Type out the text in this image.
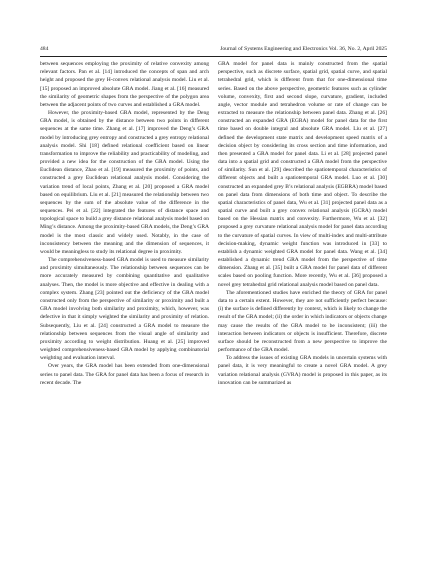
484	Journal of Systems Engineering and Electronics Vol. 36, No. 2, April 2025

between sequences employing the proximity of relative convexity among relevant factors. Pan et al. [14] introduced the concepts of span and arch height and proposed the grey H-convex relational analysis model. Liu et al. [15] proposed an improved absolute GRA model. Jiang et al. [16] measured the similarity of geometric shapes from the perspective of the polygon area between the adjacent points of two curves and established a GRA model.

However, the proximity-based GRA model, represented by the Deng GRA model, is obtained by the distance between two points in different sequences at the same time. Zhang et al. [17] improved the Deng’s GRA model by introducing grey entropy and constructed a grey entropy relational analysis model. Shi [18] defined relational coefficient based on linear transformation to improve the reliability and practicability of modeling, and provided a new idea for the construction of the GRA model. Using the Euclidean distance, Zhao et al. [19] measured the proximity of points, and constructed a grey Euclidean relational analysis model. Considering the variation trend of local points, Zhang et al. [20] proposed a GRA model based on equilibrium. Liu et al. [21] measured the relationship between two sequences by the sum of the absolute value of the difference in the sequences. Pei et al. [22] integrated the features of distance space and topological space to build a grey distance relational analysis model based on Ming’s distance. Among the proximity-based GRA models, the Deng’s GRA model is the most classic and widely used. Notably, in the case of inconsistency between the meaning and the dimension of sequences, it would be meaningless to study its relational degree in proximity.

The comprehensiveness-based GRA model is used to measure similarity and proximity simultaneously. The relationship between sequences can be more accurately measured by combining quantitative and qualitative analyses. Then, the model is more objective and effective in dealing with a complex system. Zhang [23] pointed out the deficiency of the GRA model constructed only from the perspective of similarity or proximity and built a GRA model involving both similarity and proximity, which, however, was defective in that it simply weighted the similarity and proximity of relation. Subsequently, Liu et al. [24] constructed a GRA model to measure the relationship between sequences from the visual angle of similarity and proximity according to weight distribution. Huang et al. [25] improved weighted comprehensiveness-based GRA model by applying combinatorial weighting and evaluation interval.

Over years, the GRA model has been extended from one-dimensional series to panel data. The GRA for panel data has been a focus of research in recent decade. The

GRA model for panel data is mainly constructed from the spatial perspective, such as discrete surface, spatial grid, spatial curve, and spatial tetrahedral grid, which is different from that for one-dimensional time series. Based on the above perspective, geometric features such as cylinder volume, convexity, first and second slope, curvature, gradient, included angle, vector module and tetrahedron volume or rate of change can be extracted to measure the relationship between panel data. Zhang et al. [26] constructed an expanded GRA (EGRA) model for panel data for the first time based on double integral and absolute GRA model. Liu et al. [27] defined the development state matrix and development speed matrix of a decision object by considering its cross section and time information, and then presented a GRA model for panel data. Li et al. [28] projected panel data into a spatial grid and constructed a GRA model from the perspective of similarity. Sun et al. [29] described the spatiotemporal characteristics of different objects and built a spatiotemporal GRA model. Luo et al. [30] constructed an expanded grey B’s relational analysis (EGBRA) model based on panel data from dimensions of both time and object. To describe the spatial characteristics of panel data, Wu et al. [31] projected panel data as a spatial curve and built a grey convex relational analysis (GCRA) model based on the Hessian matrix and convexity. Furthermore, Wu et al. [32] proposed a grey curvature relational analysis model for panel data according to the curvature of spatial curves. In view of multi-index and multi-attribute decision-making, dynamic weight function was introduced in [33] to establish a dynamic weighted GRA model for panel data. Wang et al. [34] established a dynamic trend GRA model from the perspective of time dimension. Zhang et al. [35] built a GRA model for panel data of different scales based on pooling function. More recently, Wu et al. [36] proposed a novel grey tetrahedral grid relational analysis model based on panel data.

The aforementioned studies have enriched the theory of GRA for panel data to a certain extent. However, they are not sufficiently perfect because: (i) the surface is defined differently by context, which is likely to change the result of the GRA model; (ii) the order in which indicators or objects change may cause the results of the GRA model to be inconsistent; (iii) the interaction between indicators or objects is insufficient. Therefore, discrete surface should be reconstructed from a new perspective to improve the performance of the GRA model.

To address the issues of existing GRA models in uncertain systems with panel data, it is very meaningful to create a novel GRA model. A grey variation relational analysis (GVRA) model is proposed in this paper, as its innovation can be summarized as
